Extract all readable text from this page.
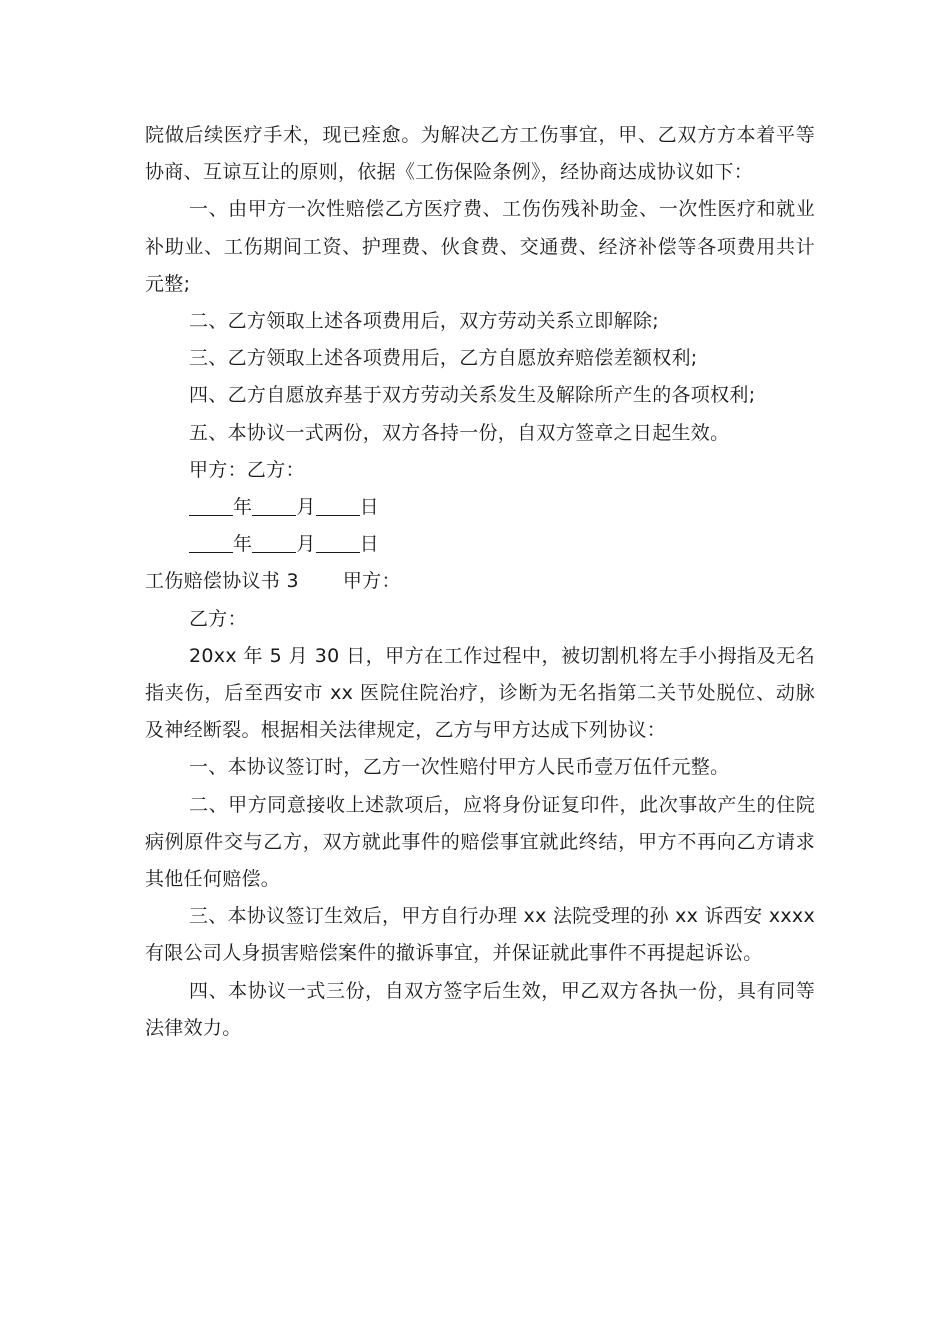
院做后续医疗手术，现已痊愈。为解决乙方工伤事宜，甲、乙双方方本着平等协商、互谅互让的原则，依据《工伤保险条例》，经协商达成协议如下：

一、由甲方一次性赔偿乙方医疗费、工伤伤残补助金、一次性医疗和就业补助业、工伤期间工资、护理费、伙食费、交通费、经济补偿等各项费用共计 元整;

二、乙方领取上述各项费用后，双方劳动关系立即解除;

三、乙方领取上述各项费用后，乙方自愿放弃赔偿差额权利;

四、乙方自愿放弃基于双方劳动关系发生及解除所产生的各项权利;

五、本协议一式两份，双方各持一份，自双方签章之日起生效。

甲方：乙方：

年 月 日

年 月 日

工伤赔偿协议书 3 甲方：

乙方：

20xx 年 5 月 30 日，甲方在工作过程中，被切割机将左手小拇指及无名指夹伤，后至西安市 xx 医院住院治疗，诊断为无名指第二关节处脱位、动脉及神经断裂。根据相关法律规定，乙方与甲方达成下列协议：

一、本协议签订时，乙方一次性赔付甲方人民币壹万伍仟元整。

二、甲方同意接收上述款项后，应将身份证复印件，此次事故产生的住院病例原件交与乙方，双方就此事件的赔偿事宜就此终结，甲方不再向乙方请求其他任何赔偿。

三、本协议签订生效后，甲方自行办理 xx 法院受理的孙 xx 诉西安 xxxx 有限公司人身损害赔偿案件的撤诉事宜，并保证就此事件不再提起诉讼。

四、本协议一式三份，自双方签字后生效，甲乙双方各执一份，具有同等法律效力。
